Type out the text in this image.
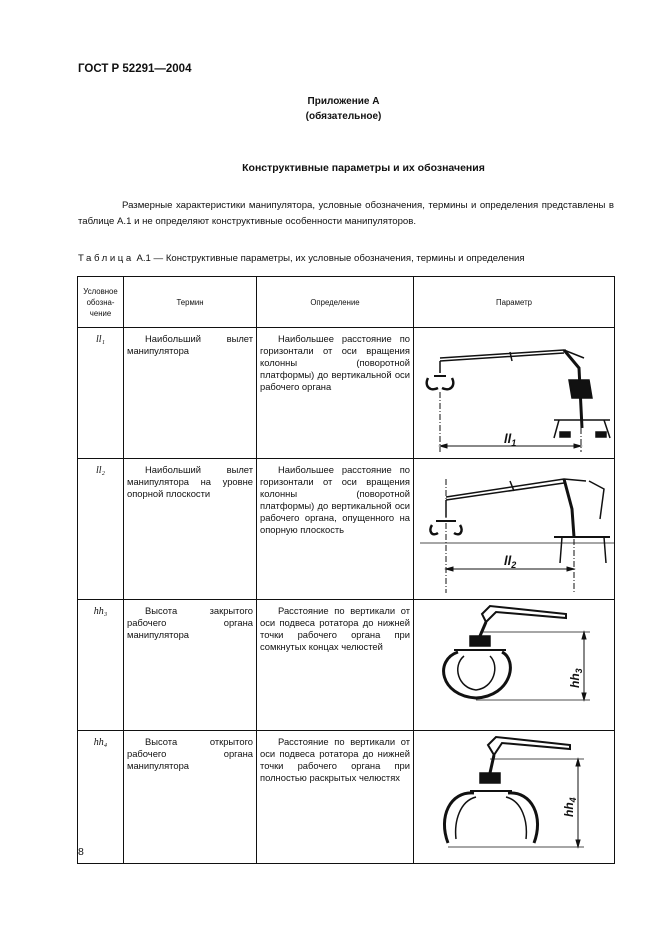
ГОСТ Р 52291—2004
Приложение А
(обязательное)
Конструктивные параметры и их обозначения
Размерные характеристики манипулятора, условные обозначения, термины и определения представлены в таблице А.1 и не определяют конструктивные особенности манипуляторов.
Таблица А.1 — Конструктивные параметры, их условные обозначения, термины и определения
Условное обозна-чение	Термин	Определение	Параметр
ll₁	Наибольший вылет манипулятора	Наибольшее расстояние по горизонтали от оси вращения колонны (поворотной платформы) до вертикальной оси рабочего органа	$ll_1$

ll₂	Наибольший вылет манипулятора на уровне опорной плоскости	Наибольшее расстояние по горизонтали от оси вращения колонны (поворотной платформы) до вертикальной оси рабочего органа, опущенного на опорную плоскость	$ll_2$

hh₃	Высота закрытого рабочего органа манипулятора	Расстояние по вертикали от оси подвеса ротатора до нижней точки рабочего органа при сомкнутых концах челюстей	$hh_3$

hh₄	Высота открытого рабочего органа манипулятора	Расстояние по вертикали от оси подвеса ротатора до нижней точки рабочего органа при полностью раскрытых челюстях	$hh_4$
8
